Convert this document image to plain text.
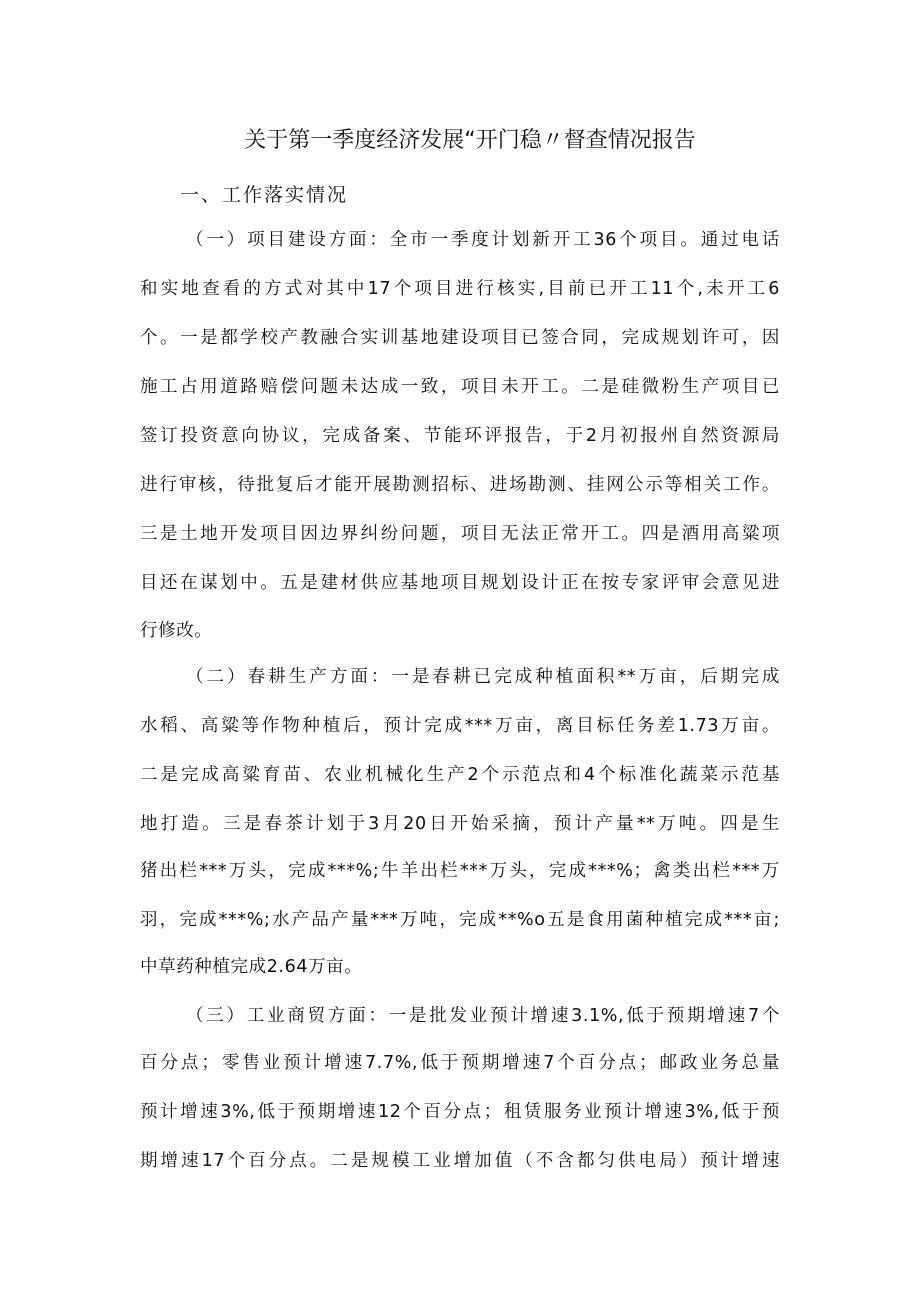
关于第一季度经济发展“开门稳〃督查情况报告
一、工作落实情况
（一）项目建设方面：全市一季度计划新开工36个项目。通过电话
和实地查看的方式对其中17个项目进行核实,目前已开工11个,未开工6
个。一是都学校产教融合实训基地建设项目已签合同，完成规划许可，因
施工占用道路赔偿问题未达成一致，项目未开工。二是硅微粉生产项目已
签订投资意向协议，完成备案、节能环评报告，于2月初报州自然资源局
进行审核，待批复后才能开展勘测招标、进场勘测、挂网公示等相关工作。
三是土地开发项目因边界纠纷问题，项目无法正常开工。四是酒用高粱项
目还在谋划中。五是建材供应基地项目规划设计正在按专家评审会意见进
行修改。
（二）春耕生产方面：一是春耕已完成种植面积**万亩，后期完成
水稻、高粱等作物种植后，预计完成***万亩，离目标任务差1.73万亩。
二是完成高粱育苗、农业机械化生产2个示范点和4个标准化蔬菜示范基
地打造。三是春茶计划于3月20日开始采摘，预计产量**万吨。四是生
猪出栏***万头，完成***%;牛羊出栏***万头，完成***%；禽类出栏***万
羽，完成***%;水产品产量***万吨，完成**%o五是食用菌种植完成***亩;
中草药种植完成2.64万亩。
（三）工业商贸方面：一是批发业预计增速3.1%,低于预期增速7个
百分点；零售业预计增速7.7%,低于预期增速7个百分点；邮政业务总量
预计增速3%,低于预期增速12个百分点；租赁服务业预计增速3%,低于预
期增速17个百分点。二是规模工业增加值（不含都匀供电局）预计增速
